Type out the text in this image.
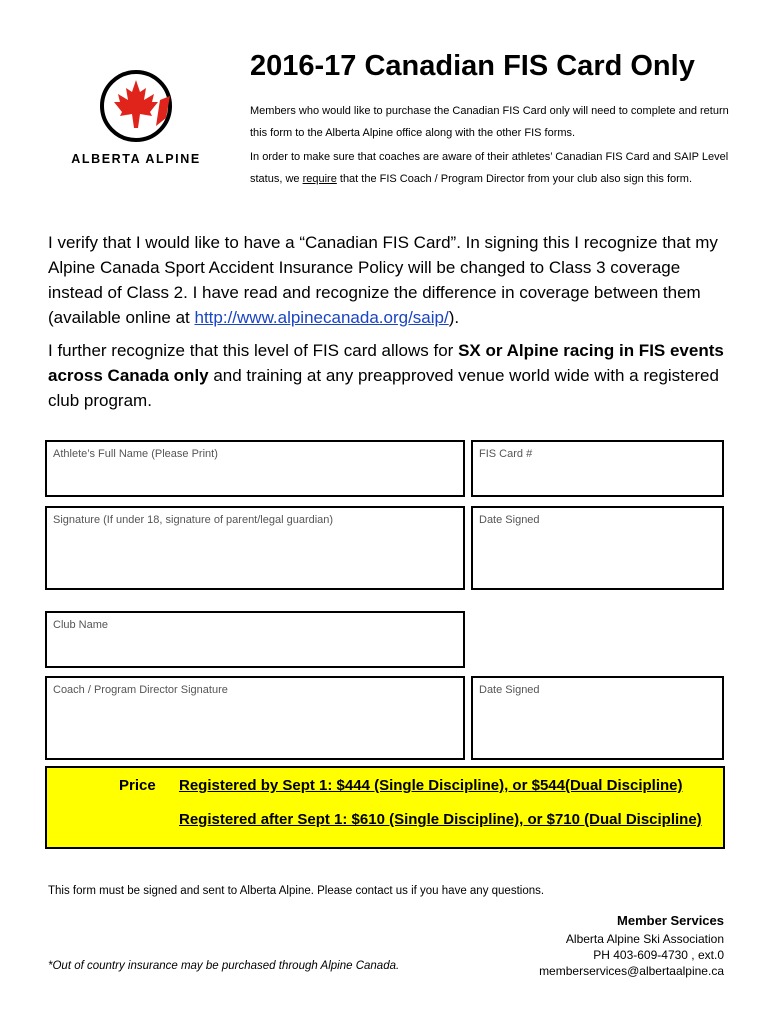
ALBERTA ALPINE
2016-17 Canadian FIS Card Only
Members who would like to purchase the Canadian FIS Card only will need to complete and return this form to the Alberta Alpine office along with the other FIS forms.
In order to make sure that coaches are aware of their athletes’ Canadian FIS Card and SAIP Level status, we require that the FIS Coach / Program Director from your club also sign this form.
I verify that I would like to have a “Canadian FIS Card”. In signing this I recognize that my Alpine Canada Sport Accident Insurance Policy will be changed to Class 3 coverage instead of Class 2. I have read and recognize the difference in coverage between them (available online at http://www.alpinecanada.org/saip/).
I further recognize that this level of FIS card allows for SX or Alpine racing in FIS events across Canada only and training at any preapproved venue world wide with a registered club program.
Athlete’s Full Name (Please Print)	FIS Card #
Signature (If under 18, signature of parent/legal guardian)	Date Signed
Club Name
Coach / Program Director Signature	Date Signed
Price Registered by Sept 1: $444 (Single Discipline), or $544(Dual Discipline)
Registered after Sept 1: $610 (Single Discipline), or $710 (Dual Discipline)
This form must be signed and sent to Alberta Alpine. Please contact us if you have any questions.
Member Services
Alberta Alpine Ski Association
PH 403-609-4730 , ext.0
memberservices@albertaalpine.ca
*Out of country insurance may be purchased through Alpine Canada.
